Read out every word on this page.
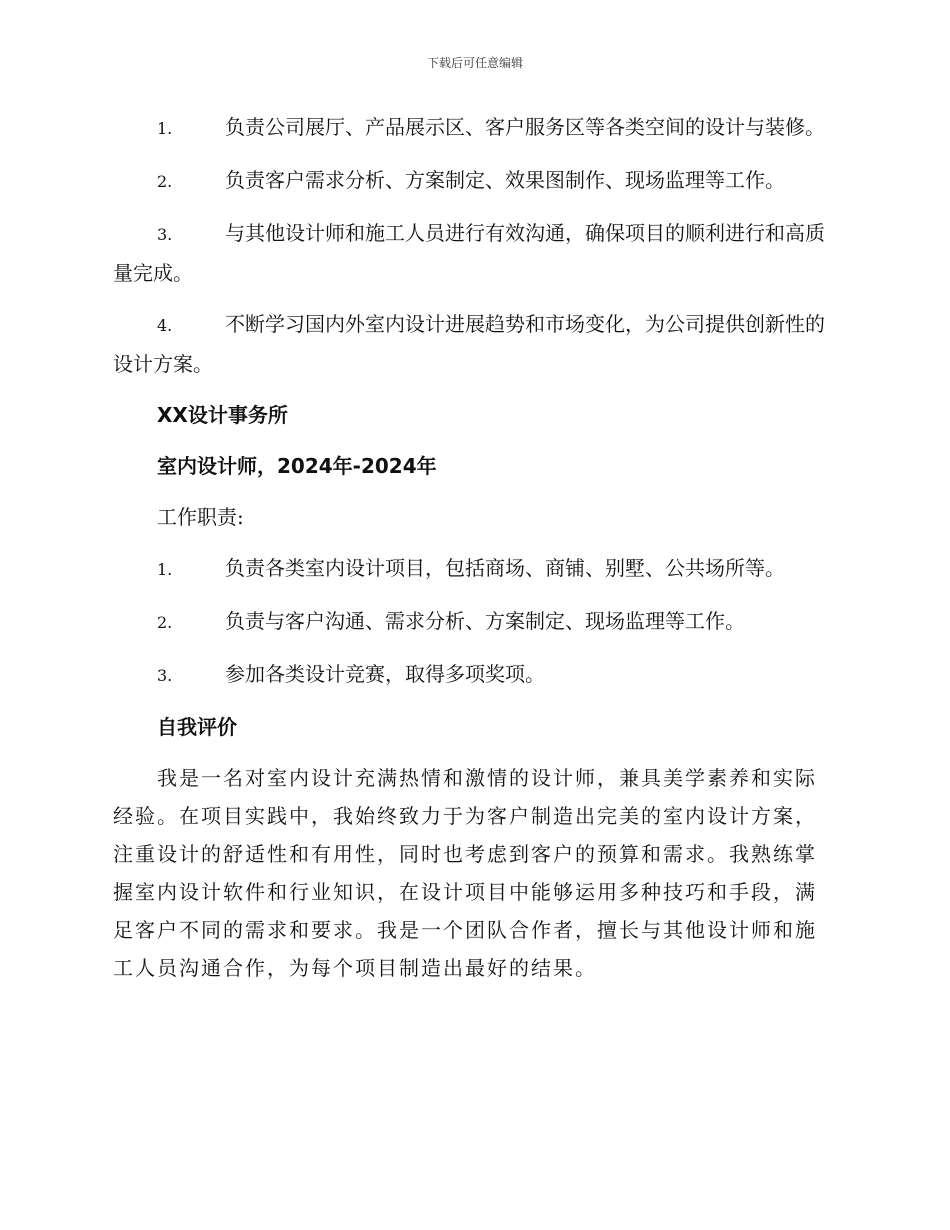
下载后可任意编辑

1.	负责公司展厅、产品展示区、客户服务区等各类空间的设计与装修。

2.	负责客户需求分析、方案制定、效果图制作、现场监理等工作。

3.	与其他设计师和施工人员进行有效沟通，确保项目的顺利进行和高质量完成。

4.	不断学习国内外室内设计进展趋势和市场变化，为公司提供创新性的设计方案。

XX设计事务所

室内设计师，2024年-2024年

工作职责:

1.	负责各类室内设计项目，包括商场、商铺、别墅、公共场所等。

2.	负责与客户沟通、需求分析、方案制定、现场监理等工作。

3.	参加各类设计竞赛，取得多项奖项。

自我评价

我是一名对室内设计充满热情和激情的设计师，兼具美学素养和实际经验。在项目实践中，我始终致力于为客户制造出完美的室内设计方案，注重设计的舒适性和有用性，同时也考虑到客户的预算和需求。我熟练掌握室内设计软件和行业知识，在设计项目中能够运用多种技巧和手段，满足客户不同的需求和要求。我是一个团队合作者，擅长与其他设计师和施工人员沟通合作，为每个项目制造出最好的结果。
